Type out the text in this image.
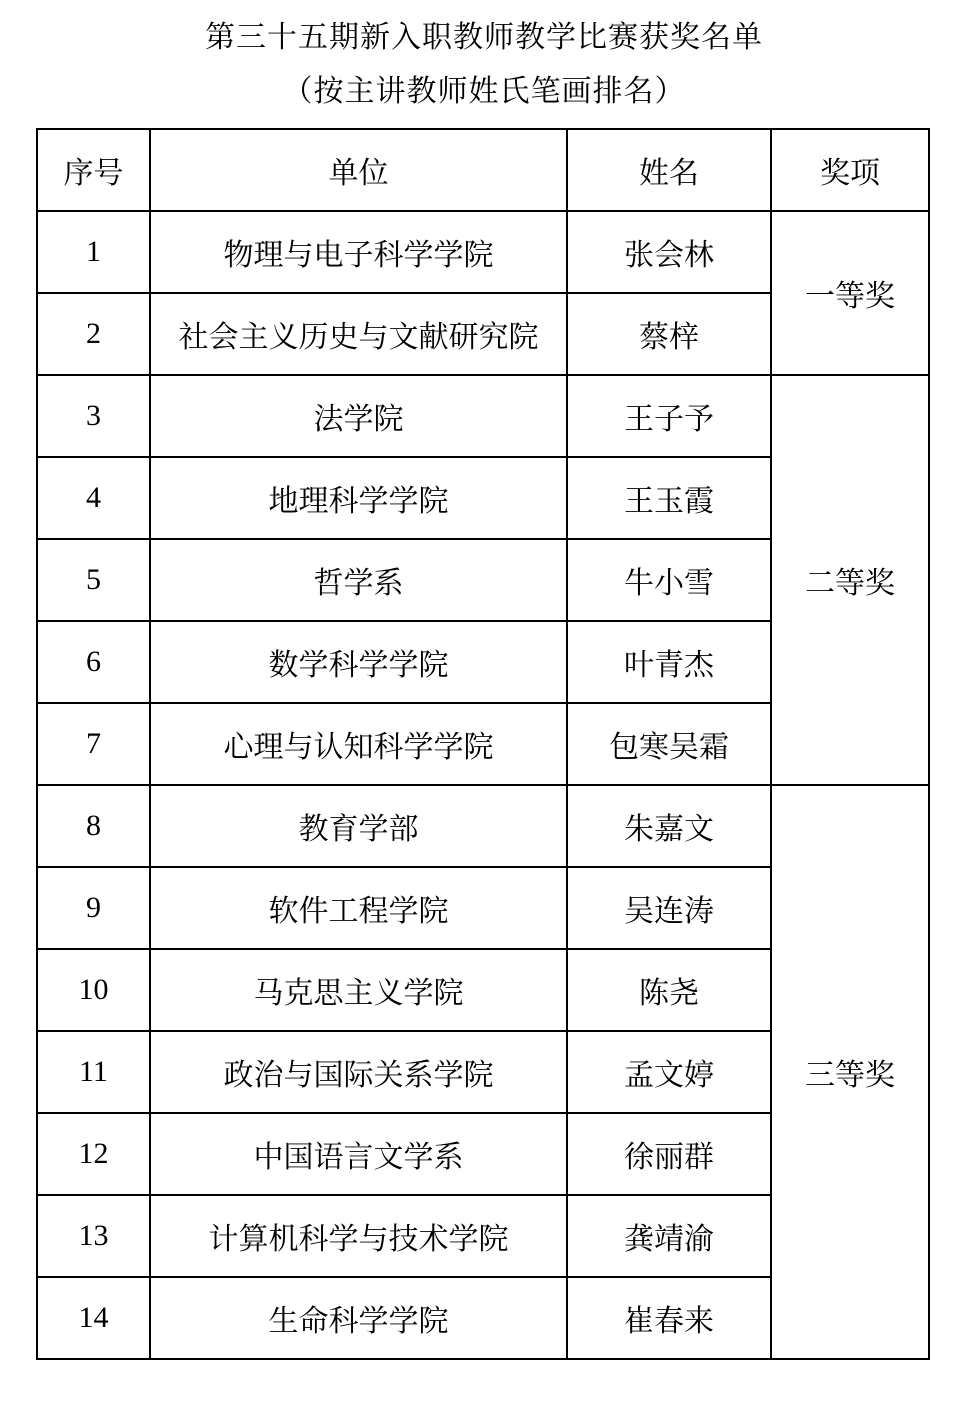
第三十五期新入职教师教学比赛获奖名单
（按主讲教师姓氏笔画排名）
序号	单位	姓名	奖项
1	物理与电子科学学院	张会林	一等奖
2	社会主义历史与文献研究院	蔡梓	
3	法学院	王子予	二等奖
4	地理科学学院	王玉霞	
5	哲学系	牛小雪	
6	数学科学学院	叶青杰	
7	心理与认知科学学院	包寒吴霜	
8	教育学部	朱嘉文	三等奖
9	软件工程学院	吴连涛	
10	马克思主义学院	陈尧	
11	政治与国际关系学院	孟文婷	
12	中国语言文学系	徐丽群	
13	计算机科学与技术学院	龚靖渝	
14	生命科学学院	崔春来	
